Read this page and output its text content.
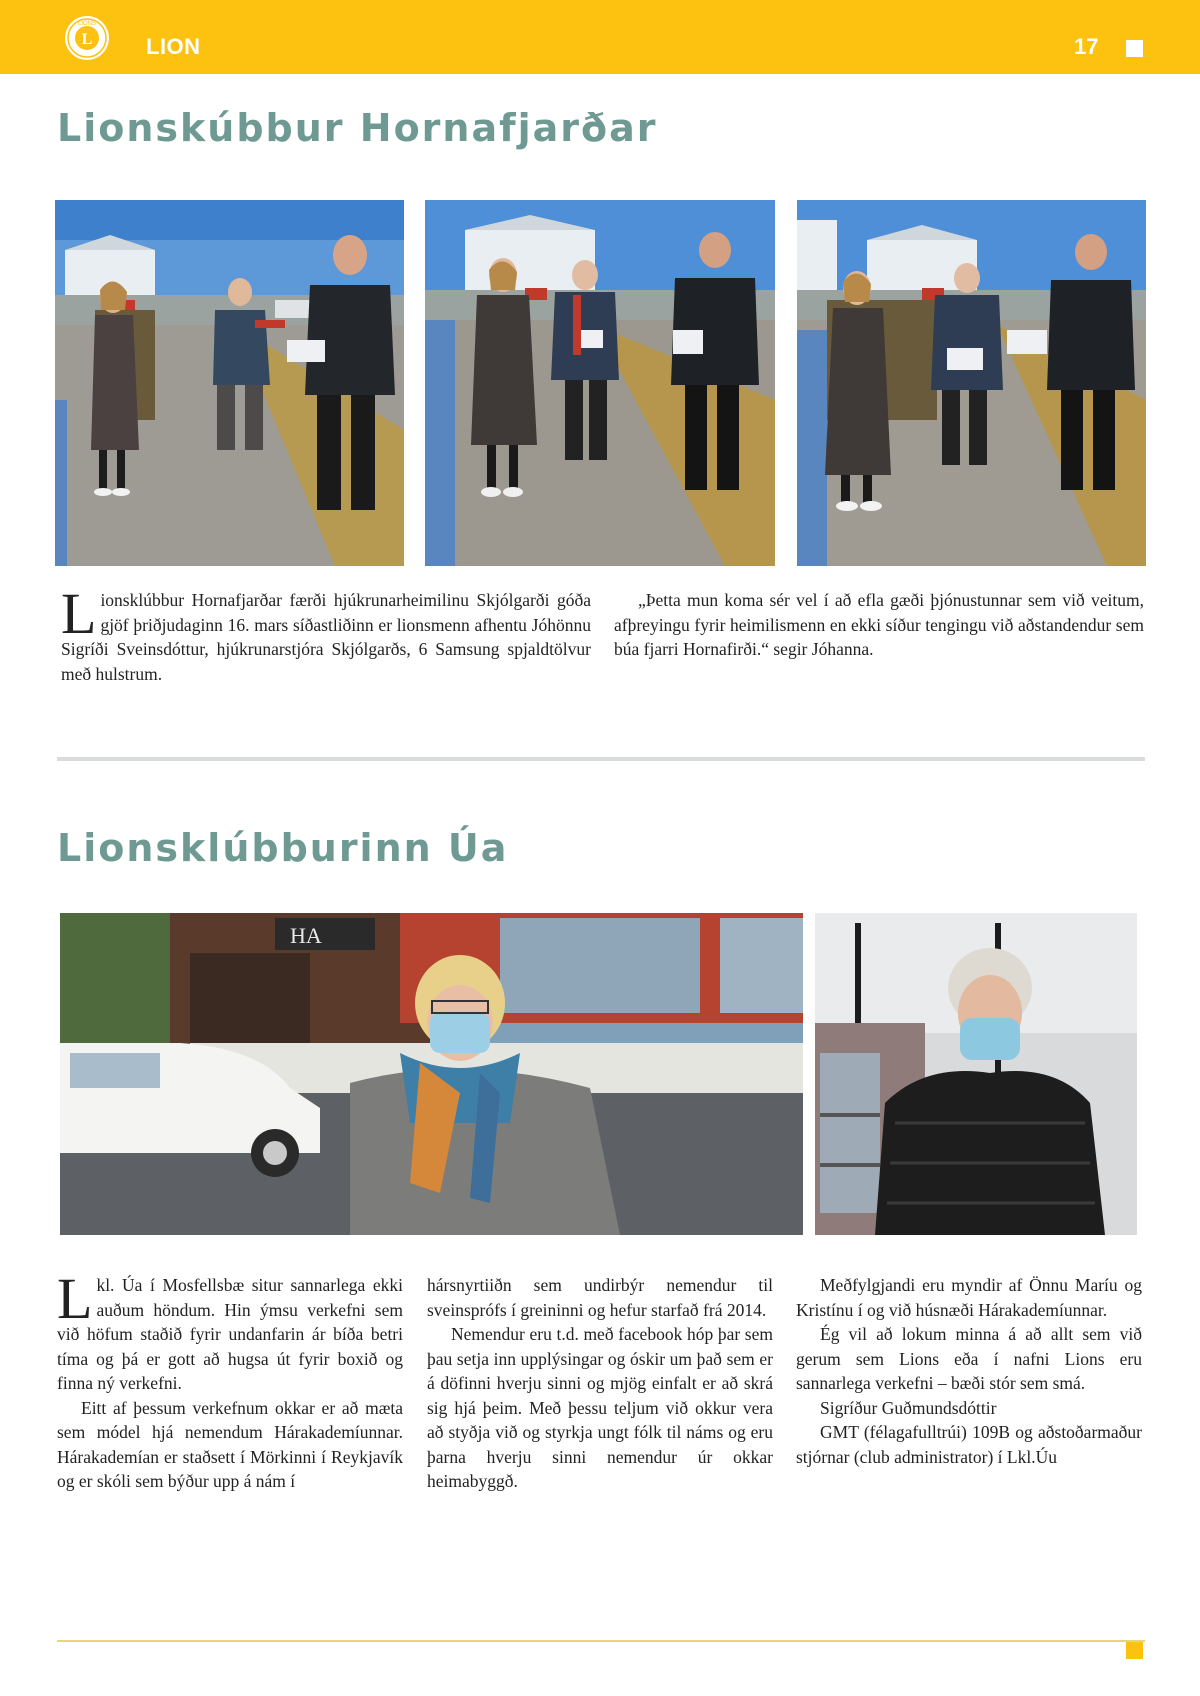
L
LIONS
LION	17
Lionskúbbur Hornafjarðar

Lionsklúbbur Hornafjarðar færði hjúkrunarheimilinu Skjólgarði góða gjöf þriðjudaginn 16. mars síðastliðinn er lionsmenn afhentu Jóhönnu Sigríði Sveinsdóttur, hjúkrunarstjóra Skjólgarðs, 6 Samsung spjaldtölvur með hulstrum.

„Þetta mun koma sér vel í að efla gæði þjónustunnar sem við veitum, afþreyingu fyrir heimilismenn en ekki síður tengingu við aðstandendur sem búa fjarri Hornafirði.“ segir Jóhanna.

Lionsklúbburinn Úa
HA

Lkl. Úa í Mosfellsbæ situr sannarlega ekki auðum höndum. Hin ýmsu verkefni sem við höfum staðið fyrir undanfarin ár bíða betri tíma og þá er gott að hugsa út fyrir boxið og finna ný verkefni.

Eitt af þessum verkefnum okkar er að mæta sem módel hjá nemendum Hárakademíunnar. Hárakademían er staðsett í Mörkinni í Reykjavík og er skóli sem býður upp á nám í

hársnyrtiiðn sem undirbýr nemendur til sveinsprófs í greininni og hefur starfað frá 2014.

Nemendur eru t.d. með facebook hóp þar sem þau setja inn upplýsingar og óskir um það sem er á döfinni hverju sinni og mjög einfalt er að skrá sig hjá þeim. Með þessu teljum við okkur vera að styðja við og styrkja ungt fólk til náms og eru þarna hverju sinni nemendur úr okkar heimabyggð.

Meðfylgjandi eru myndir af Önnu Maríu og Kristínu í og við húsnæði Hárakademíunnar.

Ég vil að lokum minna á að allt sem við gerum sem Lions eða í nafni Lions eru sannarlega verkefni – bæði stór sem smá.

Sigríður Guðmundsdóttir

GMT (félagafulltrúi) 109B og aðstoðarmaður stjórnar (club administrator) í Lkl.Úu
